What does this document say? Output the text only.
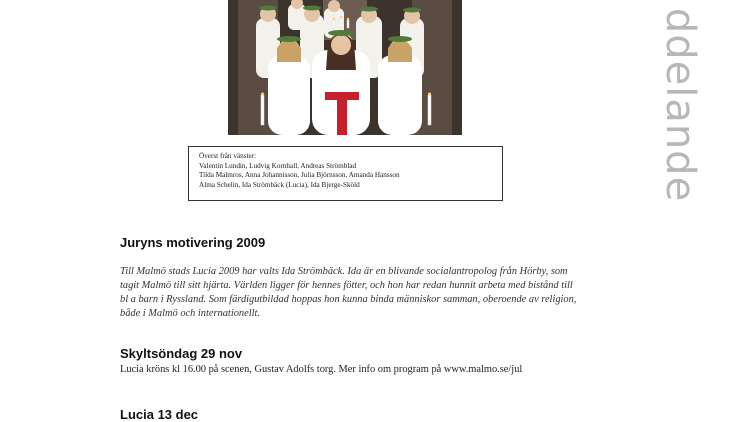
Överst från vänster:
Valentin Lundin, Ludvig Kornhall, Andreas Strömblad
Tilda Malmros, Anna Johannisson, Julia Björnsson, Amanda Hansson
Alma Schelin, Ida Strömbäck (Lucia), Ida Bjerge-Sköld	ddelande
Juryns motivering 2009
Till Malmö stads Lucia 2009 har valts Ida Strömbäck. Ida är en blivande socialantropolog från Hörby, som tagit Malmö till sitt hjärta. Världen ligger för hennes fötter, och hon har redan hunnit arbeta med bistånd till bl a barn i Ryssland. Som färdigutbildad hoppas hon kunna binda människor samman, oberoende av religion, både i Malmö och internationellt.
Skyltsöndag 29 nov
Lucia kröns kl 16.00 på scenen, Gustav Adolfs torg. Mer info om program på www.malmo.se/jul
Lucia 13 dec
